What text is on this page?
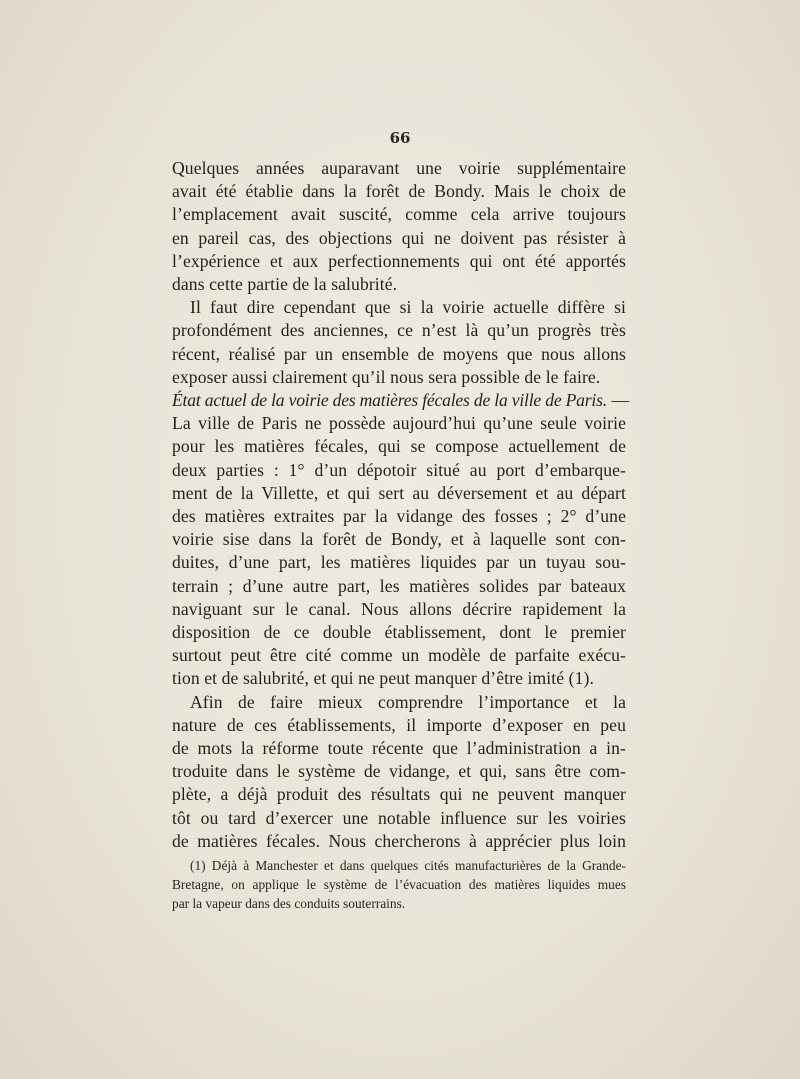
66
Quelques années auparavant une voirie supplémentaire
avait été établie dans la forêt de Bondy. Mais le choix de
l’emplacement avait suscité, comme cela arrive toujours
en pareil cas, des objections qui ne doivent pas résister à
l’expérience et aux perfectionnements qui ont été apportés
dans cette partie de la salubrité.
Il faut dire cependant que si la voirie actuelle diffère si
profondément des anciennes, ce n’est là qu’un progrès très
récent, réalisé par un ensemble de moyens que nous allons
exposer aussi clairement qu’il nous sera possible de le faire.
État actuel de la voirie des matières fécales de la ville de Paris. —
La ville de Paris ne possède aujourd’hui qu’une seule voirie
pour les matières fécales, qui se compose actuellement de
deux parties : 1° d’un dépotoir situé au port d’embarque-
ment de la Villette, et qui sert au déversement et au départ
des matières extraites par la vidange des fosses ; 2° d’une
voirie sise dans la forêt de Bondy, et à laquelle sont con-
duites, d’une part, les matières liquides par un tuyau sou-
terrain ; d’une autre part, les matières solides par bateaux
naviguant sur le canal. Nous allons décrire rapidement la
disposition de ce double établissement, dont le premier
surtout peut être cité comme un modèle de parfaite exécu-
tion et de salubrité, et qui ne peut manquer d’être imité (1).
Afin de faire mieux comprendre l’importance et la
nature de ces établissements, il importe d’exposer en peu
de mots la réforme toute récente que l’administration a in-
troduite dans le système de vidange, et qui, sans être com-
plète, a déjà produit des résultats qui ne peuvent manquer
tôt ou tard d’exercer une notable influence sur les voiries
de matières fécales. Nous chercherons à apprécier plus loin
(1) Déjà à Manchester et dans quelques cités manufacturières de la Grande-
Bretagne, on applique le système de l’évacuation des matières liquides mues
par la vapeur dans des conduits souterrains.
